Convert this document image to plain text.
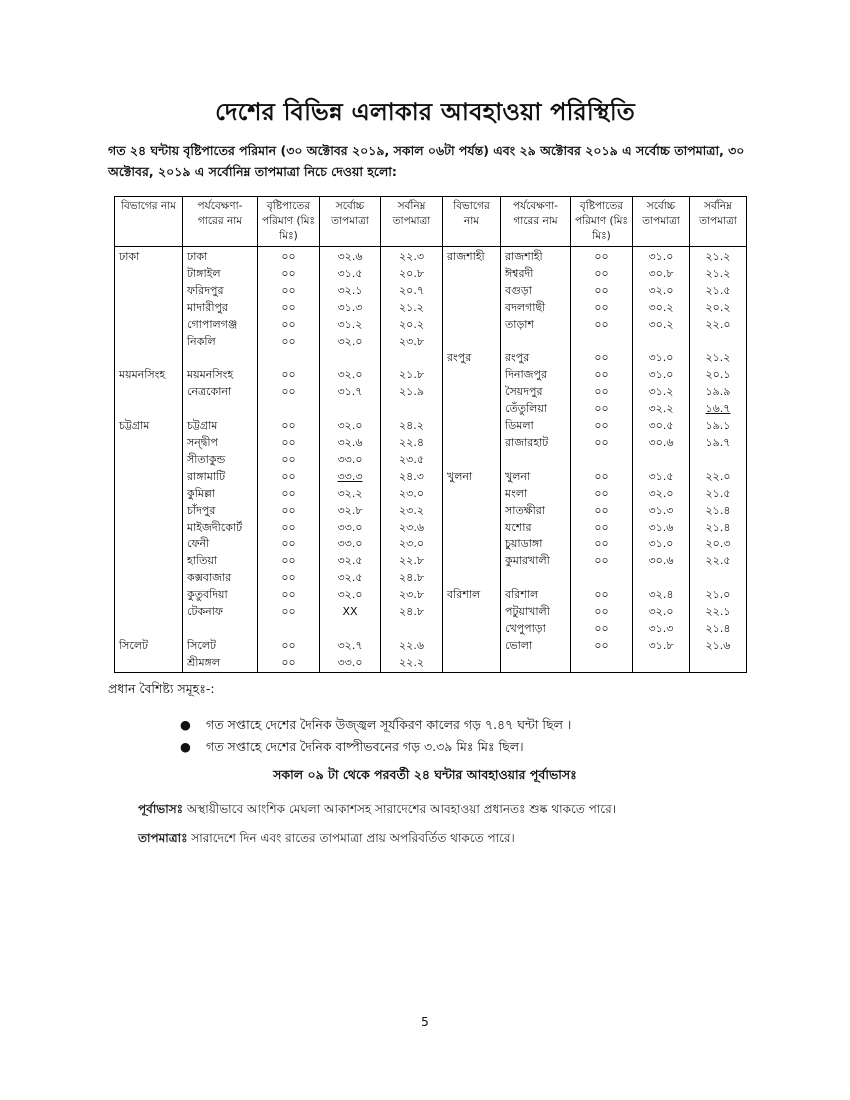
দেশের বিভিন্ন এলাকার আবহাওয়া পরিস্থিতি
গত ২৪ ঘন্টায় বৃষ্টিপাতের পরিমান (৩০ অক্টোবর ২০১৯, সকাল ০৬টা পর্যন্ত) এবং ২৯ অক্টোবর ২০১৯ এ সর্বোচ্চ তাপমাত্রা, ৩০ অক্টোবর, ২০১৯ এ সর্বোনিম্ন তাপমাত্রা নিচে দেওয়া হলো:
বিভাগের নাম	পর্যবেক্ষণা-গারের নাম	বৃষ্টিপাতের পরিমাণ (মিঃ মিঃ)	সর্বোচ্চ তাপমাত্রা	সর্বনিম্ন তাপমাত্রা	বিভাগের নাম	পর্যবেক্ষণা-গারের নাম	বৃষ্টিপাতের পরিমাণ (মিঃ মিঃ)	সর্বোচ্চ তাপমাত্রা	সর্বনিম্ন তাপমাত্রা
ঢাকা	ঢাকা	০০	৩২.৬	২২.৩	রাজশাহী	রাজশাহী	০০	৩১.০	২১.২
	টাঙ্গাইল	০০	৩১.৫	২০.৮		ঈশ্বরদী	০০	৩০.৮	২১.২
	ফরিদপুর	০০	৩২.১	২০.৭		বগুড়া	০০	৩২.০	২১.৫
	মাদারীপুর	০০	৩১.৩	২১.২		বদলগাছী	০০	৩০.২	২০.২
	গোপালগঞ্জ	০০	৩১.২	২০.২		তাড়াশ	০০	৩০.২	২২.০
	নিকলি	০০	৩২.০	২৩.৮					
					রংপুর	রংপুর	০০	৩১.০	২১.২
ময়মনসিংহ	ময়মনসিংহ	০০	৩২.০	২১.৮		দিনাজপুর	০০	৩১.০	২০.১
	নেত্রকোনা	০০	৩১.৭	২১.৯		সৈয়দপুর	০০	৩১.২	১৯.৯
						তেঁতুলিয়া	০০	৩২.২	১৬.৭
চট্টগ্রাম	চট্টগ্রাম	০০	৩২.০	২৪.২		ডিমলা	০০	৩০.৫	১৯.১
	সন্দ্বীপ	০০	৩২.৬	২২.৪		রাজারহাট	০০	৩০.৬	১৯.৭
	সীতাকুন্ড	০০	৩৩.০	২৩.৫					
	রাঙ্গামাটি	০০	৩৩.৩	২৪.৩	খুলনা	খুলনা	০০	৩১.৫	২২.০
	কুমিল্লা	০০	৩২.২	২৩.০		মংলা	০০	৩২.০	২১.৫
	চাঁদপুর	০০	৩২.৮	২৩.২		সাতক্ষীরা	০০	৩১.৩	২১.৪
	মাইজদীকোর্ট	০০	৩৩.০	২৩.৬		যশোর	০০	৩১.৬	২১.৪
	ফেনী	০০	৩৩.০	২৩.০		চুয়াডাঙ্গা	০০	৩১.০	২০.৩
	হাতিয়া	০০	৩২.৫	২২.৮		কুমারখালী	০০	৩০.৬	২২.৫
	কক্সবাজার	০০	৩২.৫	২৪.৮					
	কুতুবদিয়া	০০	৩২.০	২৩.৮	বরিশাল	বরিশাল	০০	৩২.৪	২১.০
	টেকনাফ	০০	XX	২৪.৮		পটুয়াখালী	০০	৩২.০	২২.১
						খেপুপাড়া	০০	৩১.৩	২১.৪
সিলেট	সিলেট	০০	৩২.৭	২২.৬		ভোলা	০০	৩১.৮	২১.৬
	শ্রীমঙ্গল	০০	৩৩.০	২২.২					
প্রধান বৈশিষ্ট্য সমূহঃ-:
● গত সপ্তাহে দেশের দৈনিক উজ্জ্বল সূর্যকিরণ কালের গড় ৭.৪৭ ঘন্টা ছিল ।
● গত সপ্তাহে দেশের দৈনিক বাষ্পীভবনের গড় ৩.৩৯ মিঃ মিঃ ছিল।
সকাল ০৯ টা থেকে পরবর্তী ২৪ ঘন্টার আবহাওয়ার পূর্বাভাসঃ
পূর্বাভাসঃ অস্থায়ীভাবে আংশিক মেঘলা আকাশসহ সারাদেশের আবহাওয়া প্রধানতঃ শুষ্ক থাকতে পারে।
তাপমাত্রাঃ সারাদেশে দিন এবং রাতের তাপমাত্রা প্রায় অপরিবর্তিত থাকতে পারে।
5
